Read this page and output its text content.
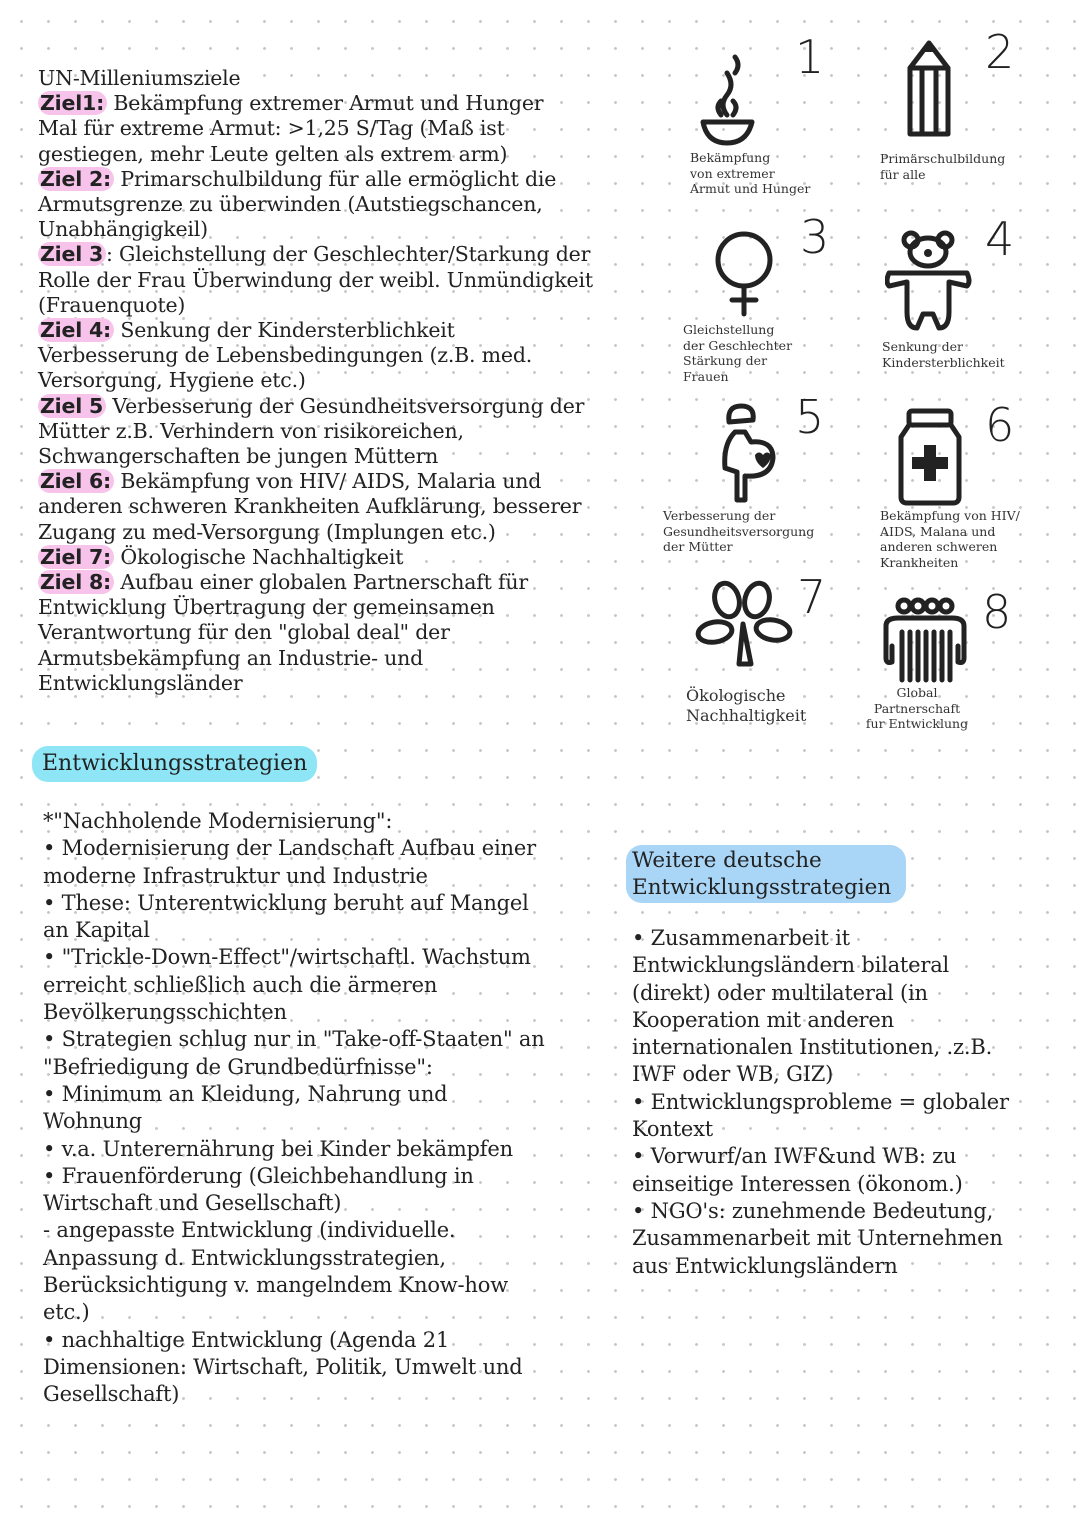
UN-Milleniumsziele
Ziel1: Bekämpfung extremer Armut und Hunger
Mal für extreme Armut: >1,25 S/Tag (Maß ist
gestiegen, mehr Leute gelten als extrem arm)
Ziel 2: Primarschulbildung für alle ermöglicht die
Armutsgrenze zu überwinden (Autstiegschancen,
Unabhängigkeil)
Ziel 3 : Gleichstellung der Geschlechter/Starkung der
Rolle der Frau Überwindung der weibl. Unmündigkeit
(Frauenquote)
Ziel 4: Senkung der Kindersterblichkeit
Verbesserung de Lebensbedingungen (z.B. med.
Versorgung, Hygiene etc.)
Ziel 5 Verbesserung der Gesundheitsversorgung der
Mütter z.B. Verhindern von risikoreichen,
Schwangerschaften be jungen Müttern
Ziel 6: Bekämpfung von HIV/ AIDS, Malaria und
anderen schweren Krankheiten Aufklärung, besserer
Zugang zu med-Versorgung (Implungen etc.)
Ziel 7: Ökologische Nachhaltigkeit
Ziel 8: Aufbau einer globalen Partnerschaft für
Entwicklung Übertragung der gemeinsamen
Verantwortung für den "global deal" der
Armutsbekämpfung an Industrie- und
Entwicklungsländer
1
Bekämpfung
von extremer
Armut und Hunger
2
Primärschulbildung
für alle
3
Gleichstellung
der Geschlechter
Stärkung der
Frauen
4
Senkung der
Kindersterblichkeit
5
Verbesserung der
Gesundheitsversorgung
der Mütter
6
Bekämpfung von HIV/
AIDS, Malana und
anderen schweren
Krankheiten
7
Ökologische
Nachhaltigkeit
8
Global
Partnerschaft
fur Entwicklung
Entwicklungsstrategien
*"Nachholende Modernisierung":
• Modernisierung der Landschaft Aufbau einer
moderne Infrastruktur und Industrie
• These: Unterentwicklung beruht auf Mangel
an Kapital
• "Trickle-Down-Effect"/wirtschaftl. Wachstum
erreicht schließlich auch die ärmeren
Bevölkerungsschichten
• Strategien schlug nur in "Take-off-Staaten" an
"Befriedigung de Grundbedürfnisse":
• Minimum an Kleidung, Nahrung und
Wohnung
• v.a. Unterernährung bei Kinder bekämpfen
• Frauenförderung (Gleichbehandlung in
Wirtschaft und Gesellschaft)
- angepasste Entwicklung (individuelle.
Anpassung d. Entwicklungsstrategien,
Berücksichtigung v. mangelndem Know-how
etc.)
• nachhaltige Entwicklung (Agenda 21
Dimensionen: Wirtschaft, Politik, Umwelt und
Gesellschaft)
Weitere deutsche
Entwicklungsstrategien
• Zusammenarbeit it
Entwicklungsländern bilateral
(direkt) oder multilateral (in
Kooperation mit anderen
internationalen Institutionen, .z.B.
IWF oder WB, GIZ)
• Entwicklungsprobleme = globaler
Kontext
• Vorwurf/an IWF&und WB: zu
einseitige Interessen (ökonom.)
• NGO's: zunehmende Bedeutung,
Zusammenarbeit mit Unternehmen
aus Entwicklungsländern
